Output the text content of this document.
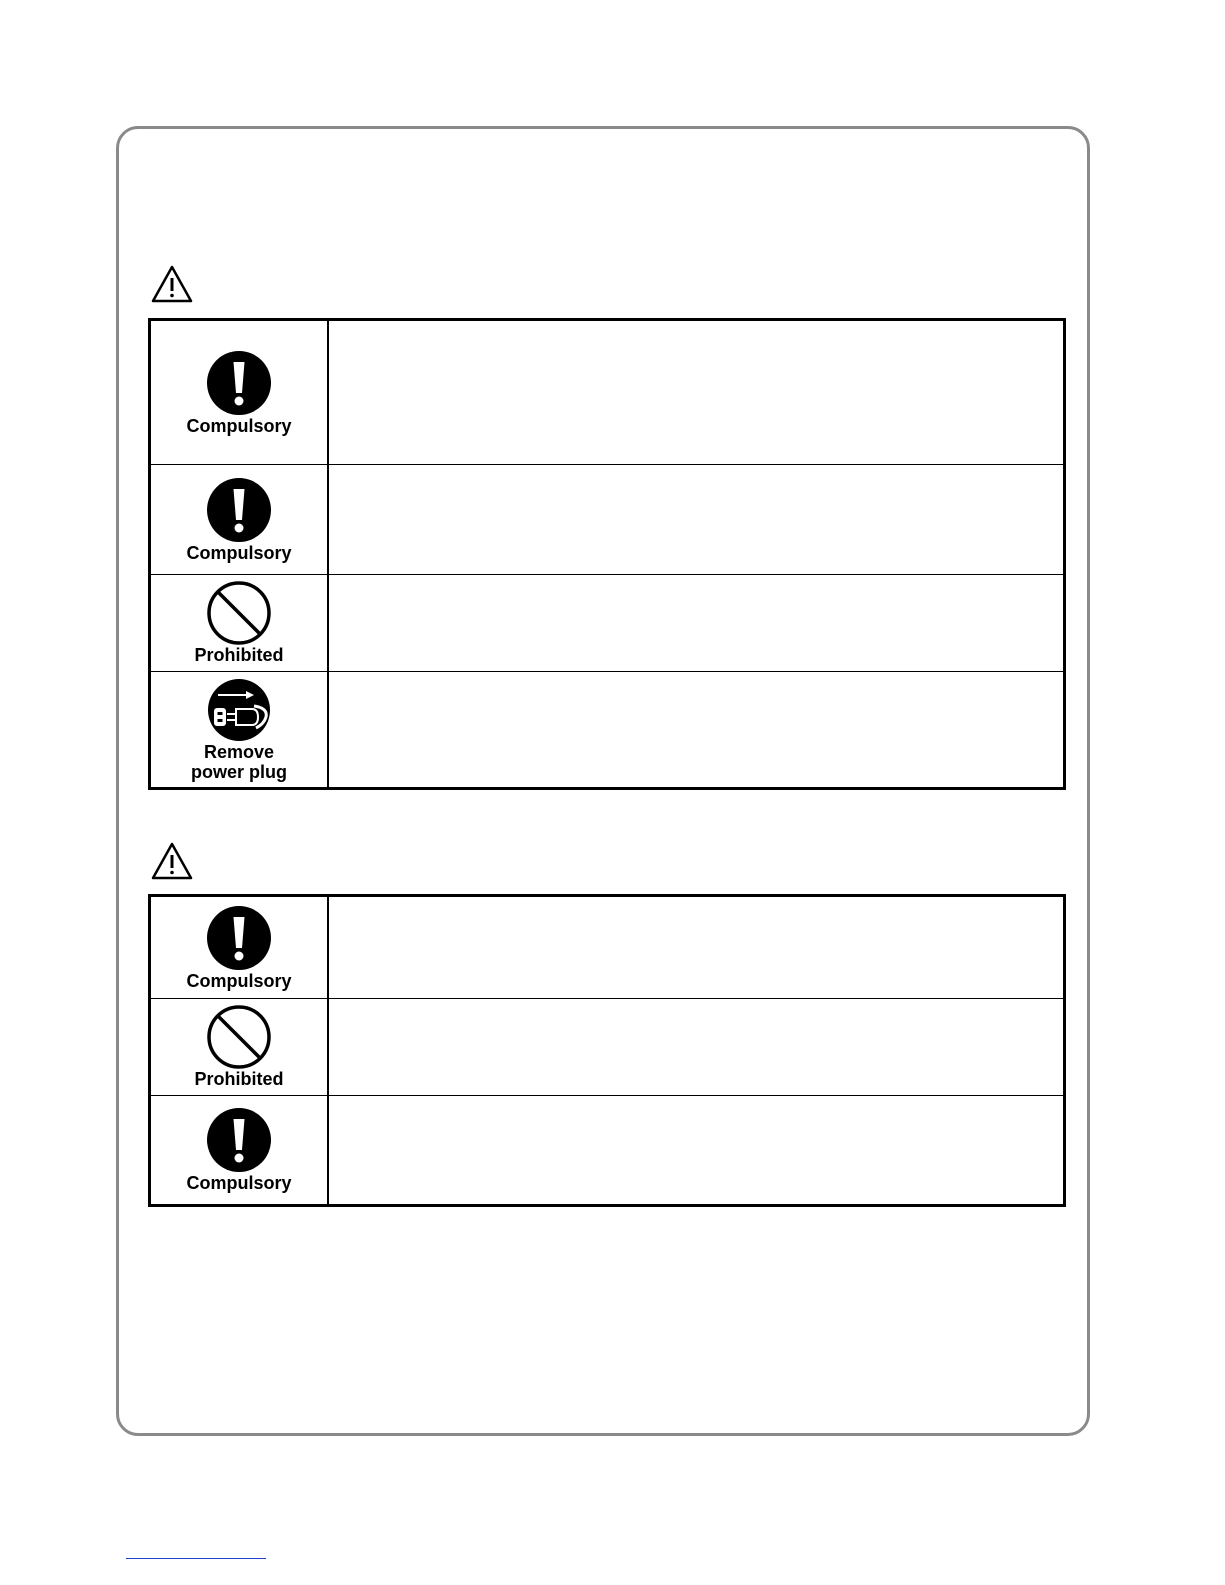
Compulsory
Compulsory
Prohibited
Remove
power plug
Compulsory
Prohibited
Compulsory
